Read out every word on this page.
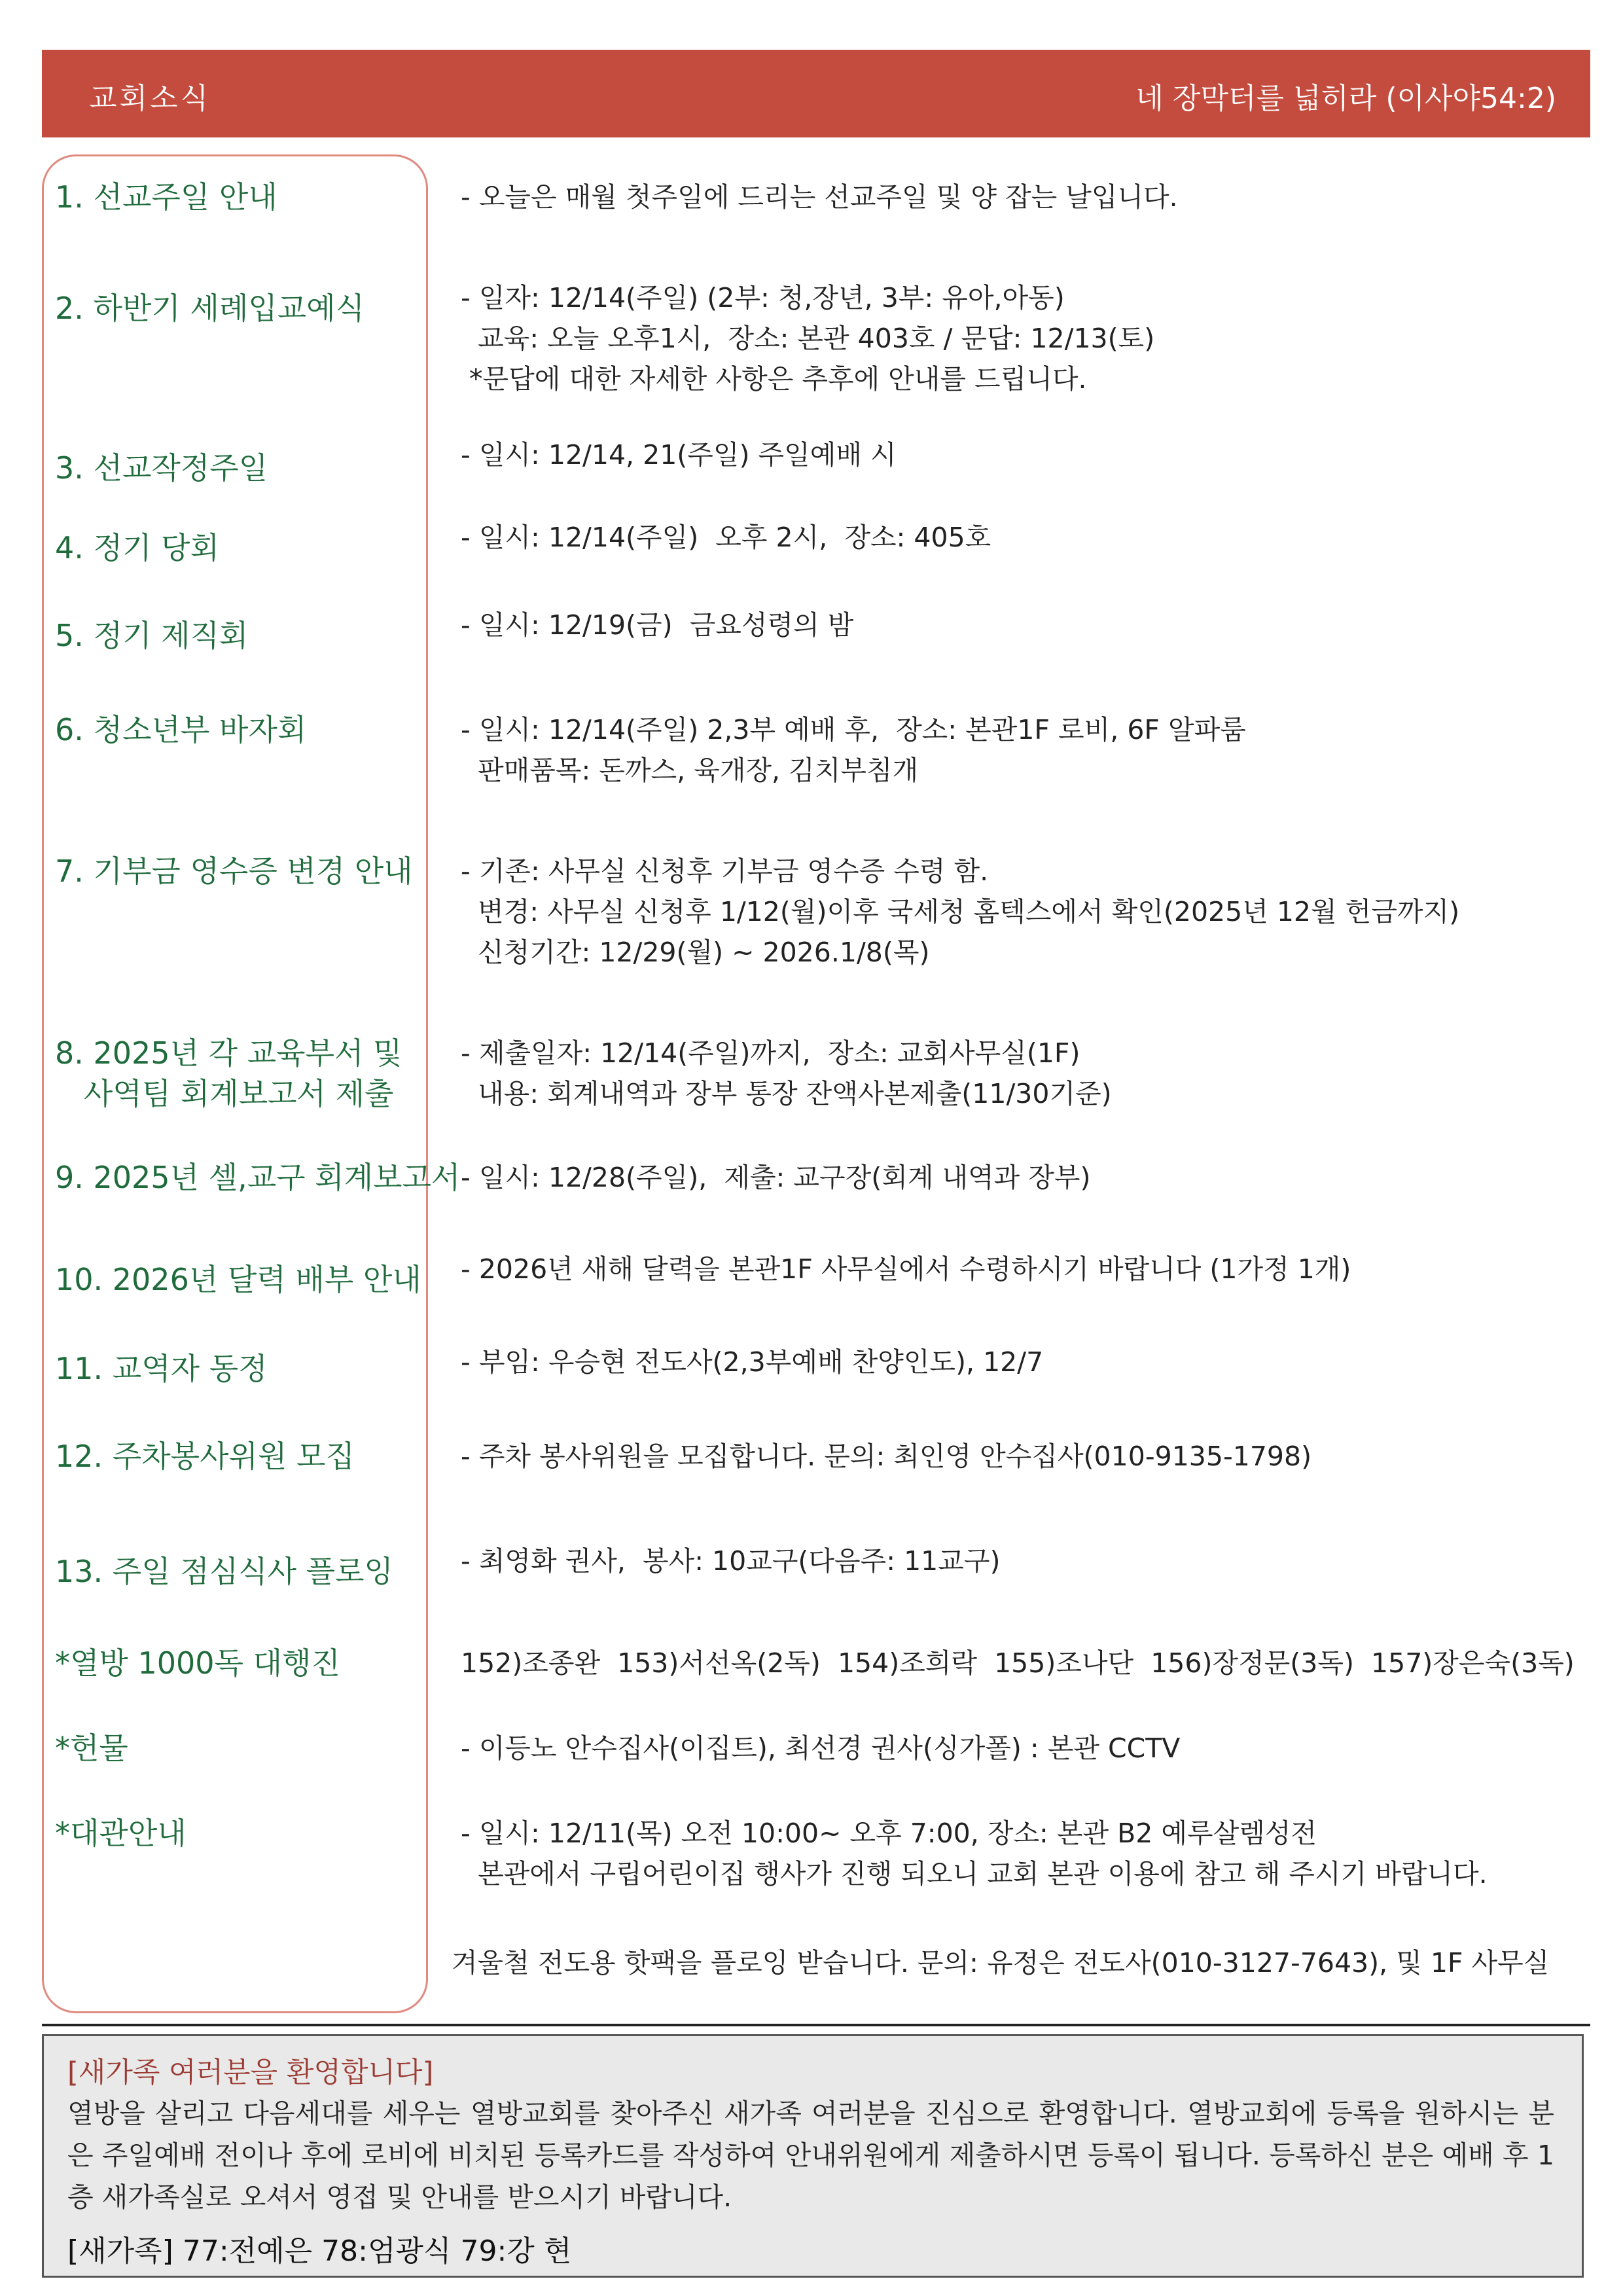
교회소식	네 장막터를 넓히라 (이사야54:2)
1. 선교주일 안내	- 오늘은 매월 첫주일에 드리는 선교주일 및 양 잡는 날입니다.
2. 하반기 세례입교예식	- 일자: 12/14(주일) (2부: 청,장년, 3부: 유아,아동)
교육: 오늘 오후1시,  장소: 본관 403호 / 문답: 12/13(토)
*문답에 대한 자세한 사항은 추후에 안내를 드립니다.
3. 선교작정주일	- 일시: 12/14, 21(주일) 주일예배 시
4. 정기 당회	- 일시: 12/14(주일)  오후 2시,  장소: 405호
5. 정기 제직회	- 일시: 12/19(금)  금요성령의 밤
6. 청소년부 바자회	- 일시: 12/14(주일) 2,3부 예배 후,  장소: 본관1F 로비, 6F 알파룸
판매품목: 돈까스, 육개장, 김치부침개
7. 기부금 영수증 변경 안내	- 기존: 사무실 신청후 기부금 영수증 수령 함.
변경: 사무실 신청후 1/12(월)이후 국세청 홈텍스에서 확인(2025년 12월 헌금까지)
신청기간: 12/29(월) ~ 2026.1/8(목)
8. 2025년 각 교육부서 및
사역팀 회계보고서 제출
- 제출일자: 12/14(주일)까지,  장소: 교회사무실(1F)
내용: 회계내역과 장부 통장 잔액사본제출(11/30기준)
9. 2025년 셀,교구 회계보고서 - 일시: 12/28(주일),  제출: 교구장(회계 내역과 장부)
10. 2026년 달력 배부 안내	- 2026년 새해 달력을 본관1F 사무실에서 수령하시기 바랍니다 (1가정 1개)
11. 교역자 동정	- 부임: 우승현 전도사(2,3부예배 찬양인도), 12/7
12. 주차봉사위원 모집	- 주차 봉사위원을 모집합니다. 문의: 최인영 안수집사(010-9135-1798)
13. 주일 점심식사 플로잉	- 최영화 권사,  봉사: 10교구(다음주: 11교구)
*열방 1000독 대행진	152)조종완  153)서선옥(2독)  154)조희락  155)조나단  156)장정문(3독)  157)장은숙(3독)
*헌물	- 이등노 안수집사(이집트), 최선경 권사(싱가폴) : 본관 CCTV
*대관안내	- 일시: 12/11(목) 오전 10:00~ 오후 7:00, 장소: 본관 B2 예루살렘성전
본관에서 구립어린이집 행사가 진행 되오니 교회 본관 이용에 참고 해 주시기 바랍니다.
겨울철 전도용 핫팩을 플로잉 받습니다. 문의: 유정은 전도사(010-3127-7643), 및 1F 사무실
[새가족 여러분을 환영합니다]
열방을 살리고 다음세대를 세우는 열방교회를 찾아주신 새가족 여러분을 진심으로 환영합니다. 열방교회에 등록을 원하시는 분은 주일예배 전이나 후에 로비에 비치된 등록카드를 작성하여 안내위원에게 제출하시면 등록이 됩니다. 등록하신 분은 예배 후 1층 새가족실로 오셔서 영접 및 안내를 받으시기 바랍니다.
[새가족] 77:전예은 78:엄광식 79:강 현
